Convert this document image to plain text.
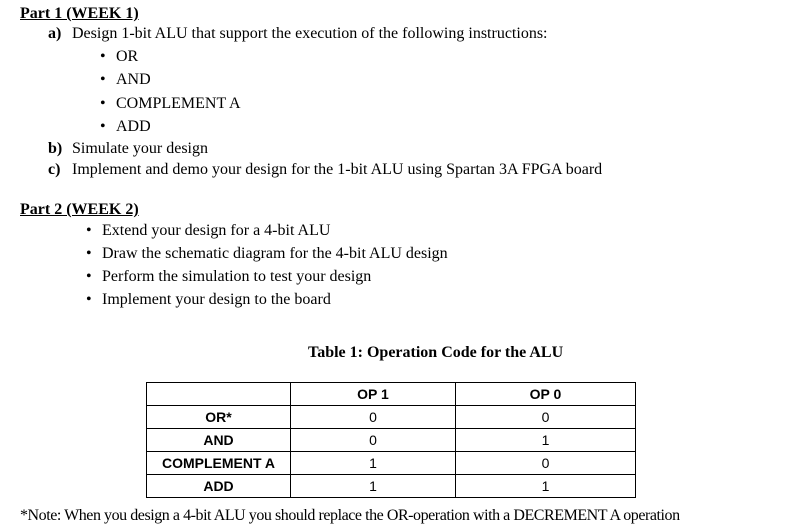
Part 1 (WEEK 1)
a) Design 1-bit ALU that support the execution of the following instructions:
• OR
• AND
• COMPLEMENT A
• ADD
b) Simulate your design
c) Implement and demo your design for the 1-bit ALU using Spartan 3A FPGA board
Part 2 (WEEK 2)
• Extend your design for a 4-bit ALU
• Draw the schematic diagram for the 4-bit ALU design
• Perform the simulation to test your design
• Implement your design to the board
Table 1: Operation Code for the ALU
	OP 1	OP 0
OR*	0	0
AND	0	1
COMPLEMENT A	1	0
ADD	1	1
*Note: When you design a 4-bit ALU you should replace the OR-operation with a DECREMENT A operation
